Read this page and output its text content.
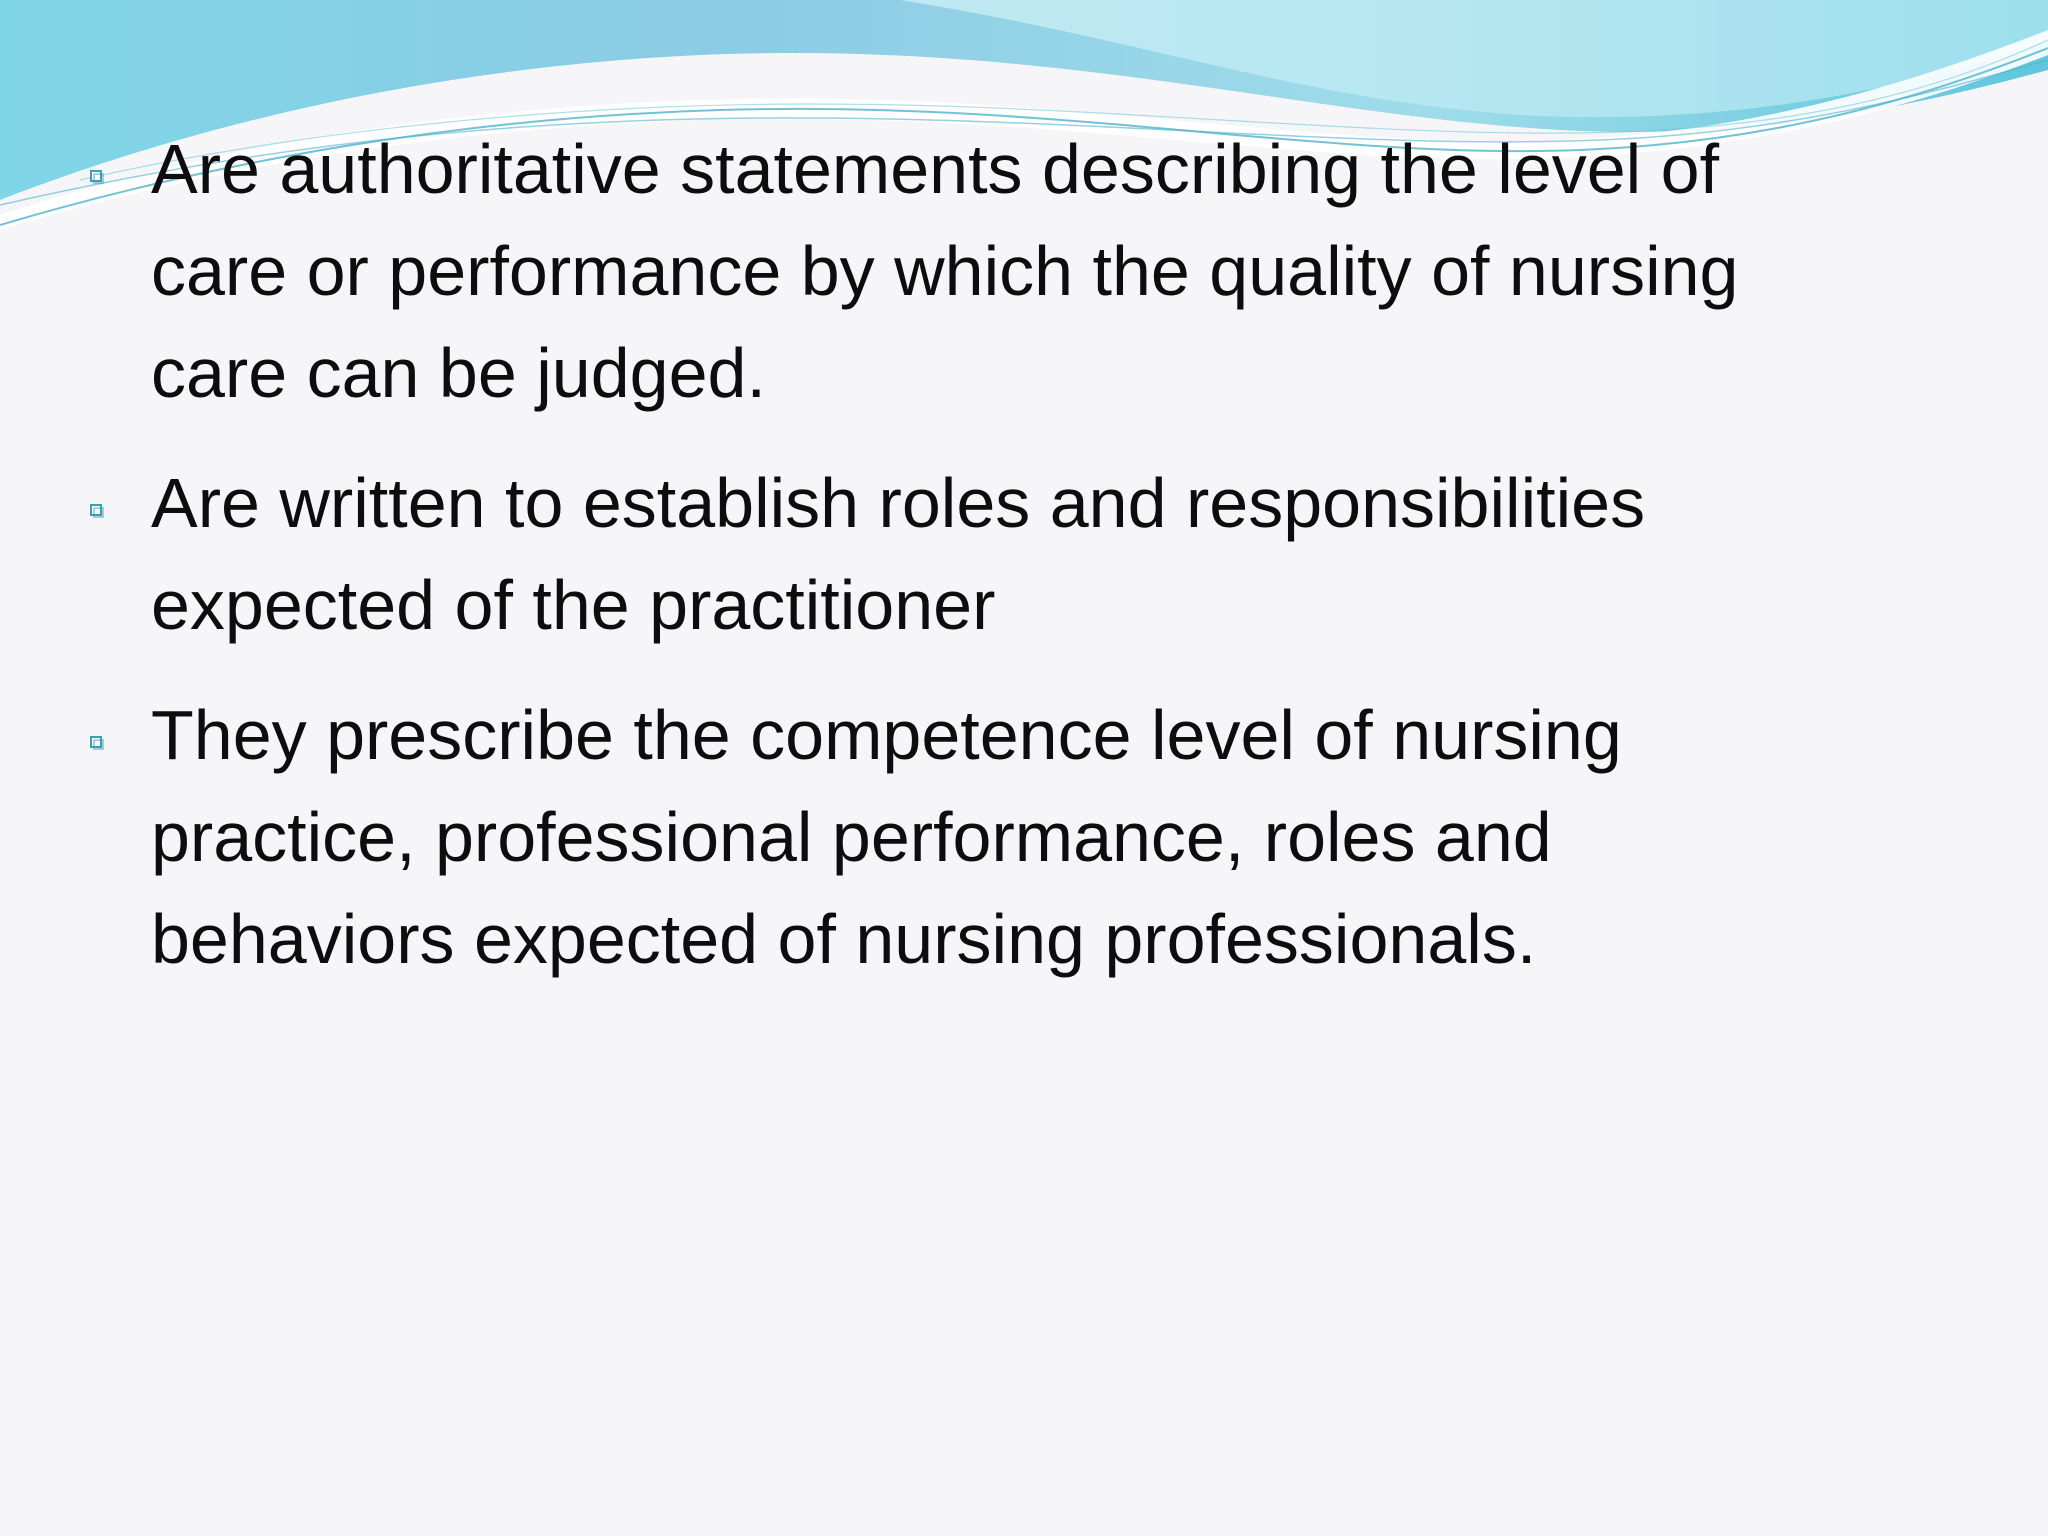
Are authoritative statements describing the level of care or performance by which the quality of nursing care can be judged.
Are written to establish roles and responsibilities expected of the practitioner
They prescribe the competence level of nursing practice, professional performance, roles and behaviors expected of nursing professionals.
